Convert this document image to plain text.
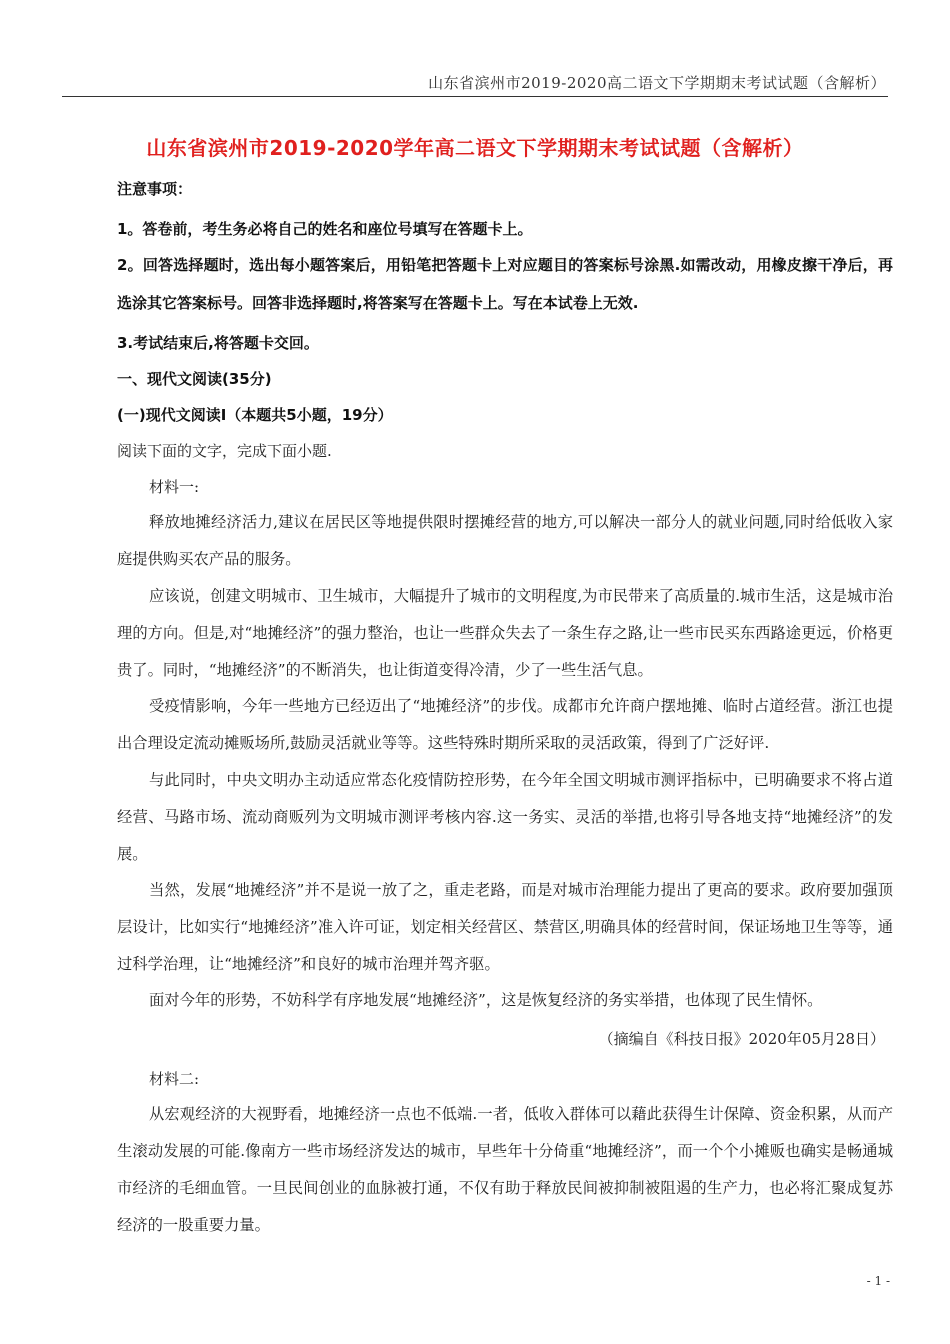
山东省滨州市2019-2020高二语文下学期期末考试试题（含解析）
山东省滨州市2019-2020学年高二语文下学期期末考试试题（含解析）
注意事项：
1。答卷前，考生务必将自己的姓名和座位号填写在答题卡上。
2。回答选择题时，选出每小题答案后，用铅笔把答题卡上对应题目的答案标号涂黑.如需改动，用橡皮擦干净后，再选涂其它答案标号。回答非选择题时,将答案写在答题卡上。写在本试卷上无效.
3.考试结束后,将答题卡交回。
一、现代文阅读(35分)
(一)现代文阅读Ⅰ（本题共5小题，19分）
阅读下面的文字，完成下面小题.
材料一:
释放地摊经济活力,建议在居民区等地提供限时摆摊经营的地方,可以解决一部分人的就业问题,同时给低收入家庭提供购买农产品的服务。
应该说，创建文明城市、卫生城市，大幅提升了城市的文明程度,为市民带来了高质量的.城市生活，这是城市治理的方向。但是,对“地摊经济”的强力整治，也让一些群众失去了一条生存之路,让一些市民买东西路途更远，价格更贵了。同时，“地摊经济”的不断消失，也让街道变得冷清，少了一些生活气息。
受疫情影响，今年一些地方已经迈出了“地摊经济”的步伐。成都市允许商户摆地摊、临时占道经营。浙江也提出合理设定流动摊贩场所,鼓励灵活就业等等。这些特殊时期所采取的灵活政策，得到了广泛好评.
与此同时，中央文明办主动适应常态化疫情防控形势，在今年全国文明城市测评指标中，已明确要求不将占道经营、马路市场、流动商贩列为文明城市测评考核内容.这一务实、灵活的举措,也将引导各地支持“地摊经济”的发展。
当然，发展“地摊经济”并不是说一放了之，重走老路，而是对城市治理能力提出了更高的要求。政府要加强顶层设计，比如实行“地摊经济”准入许可证，划定相关经营区、禁营区,明确具体的经营时间，保证场地卫生等等，通过科学治理，让“地摊经济”和良好的城市治理并驾齐驱。
面对今年的形势，不妨科学有序地发展“地摊经济”，这是恢复经济的务实举措，也体现了民生情怀。
（摘编自《科技日报》2020年05月28日）
材料二:
从宏观经济的大视野看，地摊经济一点也不低端.一者，低收入群体可以藉此获得生计保障、资金积累，从而产生滚动发展的可能.像南方一些市场经济发达的城市，早些年十分倚重“地摊经济”，而一个个小摊贩也确实是畅通城市经济的毛细血管。一旦民间创业的血脉被打通，不仅有助于释放民间被抑制被阻遏的生产力，也必将汇聚成复苏经济的一股重要力量。
- 1 -
